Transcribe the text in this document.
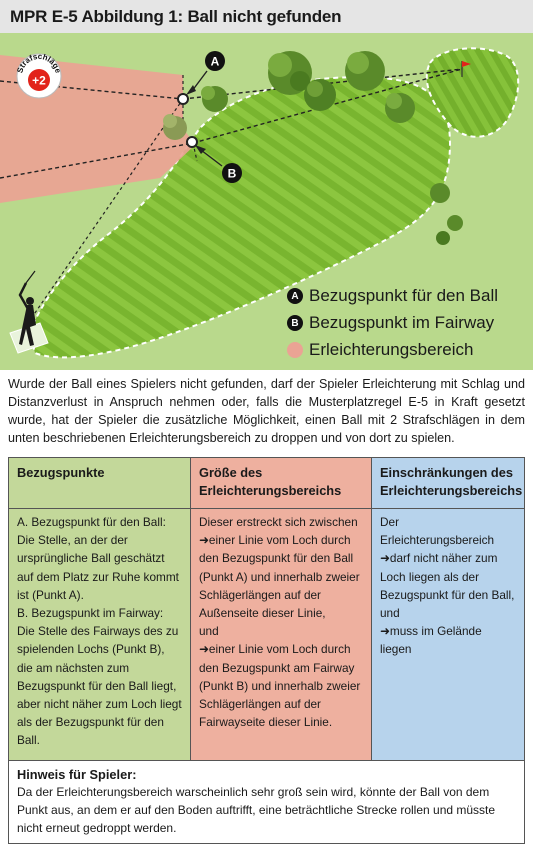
MPR E-5 Abbildung 1: Ball nicht gefunden
A
B
Strafschläge
+2
A Bezugspunkt für den Ball
B Bezugspunkt im Fairway
Erleichterungsbereich
Wurde der Ball eines Spielers nicht gefunden, darf der Spieler Erleichterung mit Schlag und Distanzverlust in Anspruch nehmen oder, falls die Musterplatzregel E-5 in Kraft gesetzt wurde, hat der Spieler die zusätzliche Möglichkeit, einen Ball mit 2 Strafschlägen in dem unten beschriebenen Erleichterungsbereich zu droppen und von dort zu spielen.
Bezugspunkte

A. Bezugspunkt für den Ball: Die Stelle, an der der ursprüngliche Ball geschätzt auf dem Platz zur Ruhe kommt ist (Punkt A).

B. Bezugspunkt im Fairway: Die Stelle des Fairways des zu spielenden Lochs (Punkt B), die am nächsten zum Bezugspunkt für den Ball liegt, aber nicht näher zum Loch liegt als der Bezugspunkt für den Ball.

Größe des Erleichterungsbereichs

Dieser erstreckt sich zwischen

➜einer Linie vom Loch durch den Bezugspunkt für den Ball (Punkt A) und innerhalb zweier Schlägerlängen auf der Außenseite dieser Linie,

und

➜einer Linie vom Loch durch den Bezugspunkt am Fairway (Punkt B) und innerhalb zweier Schlägerlängen auf der Fairwayseite dieser Linie.

Einschränkungen des Erleichterungsbereichs

Der Erleichterungsbereich

➜darf nicht näher zum Loch liegen als der Bezugspunkt für den Ball,

und

➜muss im Gelände liegen

Hinweis für Spieler:
Da der Erleichterungsbereich warscheinlich sehr groß sein wird, könnte der Ball von dem Punkt aus, an dem er auf den Boden auftrifft, eine beträchtliche Strecke rollen und müsste nicht erneut gedroppt werden.
